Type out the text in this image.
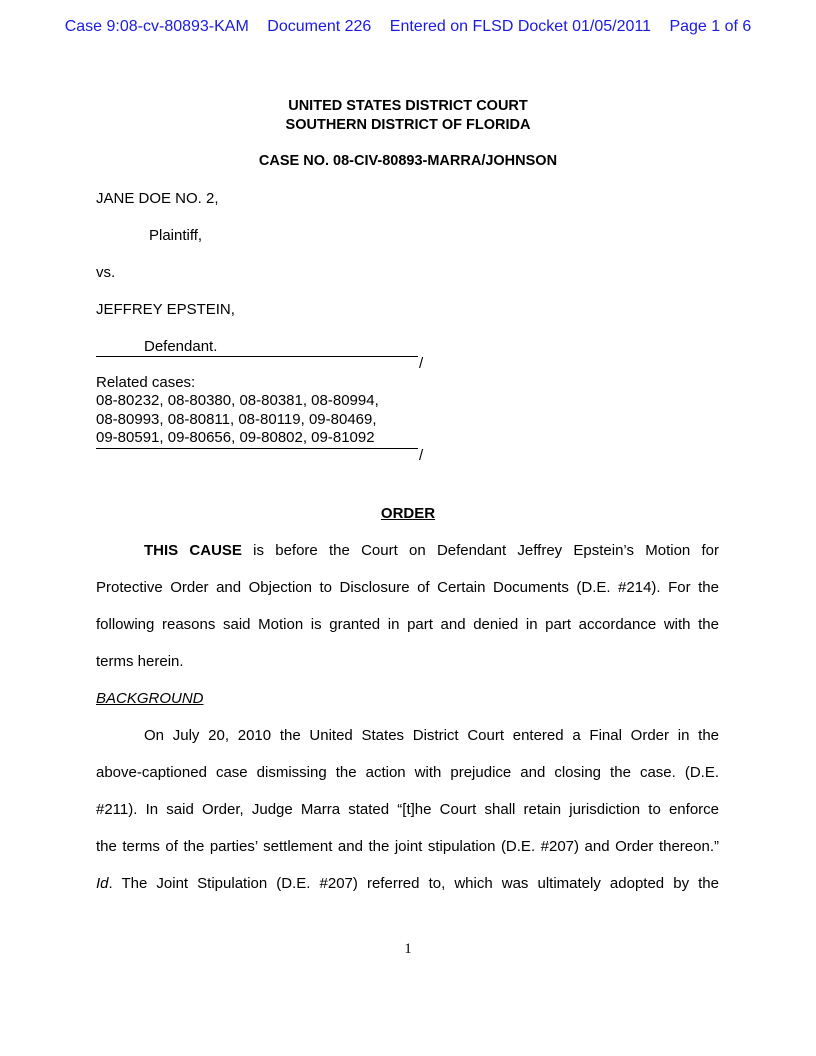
Case 9:08-cv-80893-KAM Document 226 Entered on FLSD Docket 01/05/2011 Page 1 of 6
UNITED STATES DISTRICT COURT
SOUTHERN DISTRICT OF FLORIDA
CASE NO. 08-CIV-80893-MARRA/JOHNSON
JANE DOE NO. 2,
Plaintiff,
vs.
JEFFREY EPSTEIN,
Defendant.
/
Related cases:
08-80232, 08-80380, 08-80381, 08-80994,
08-80993, 08-80811, 08-80119, 09-80469,
09-80591, 09-80656, 09-80802, 09-81092
/
ORDER
THIS CAUSE is before the Court on Defendant Jeffrey Epstein’s Motion for
Protective Order and Objection to Disclosure of Certain Documents (D.E. #214). For the
following reasons said Motion is granted in part and denied in part accordance with the
terms herein.
BACKGROUND
On July 20, 2010 the United States District Court entered a Final Order in the
above-captioned case dismissing the action with prejudice and closing the case. (D.E.
#211). In said Order, Judge Marra stated “[t]he Court shall retain jurisdiction to enforce
the terms of the parties’ settlement and the joint stipulation (D.E. #207) and Order thereon.”
Id. The Joint Stipulation (D.E. #207) referred to, which was ultimately adopted by the
1
